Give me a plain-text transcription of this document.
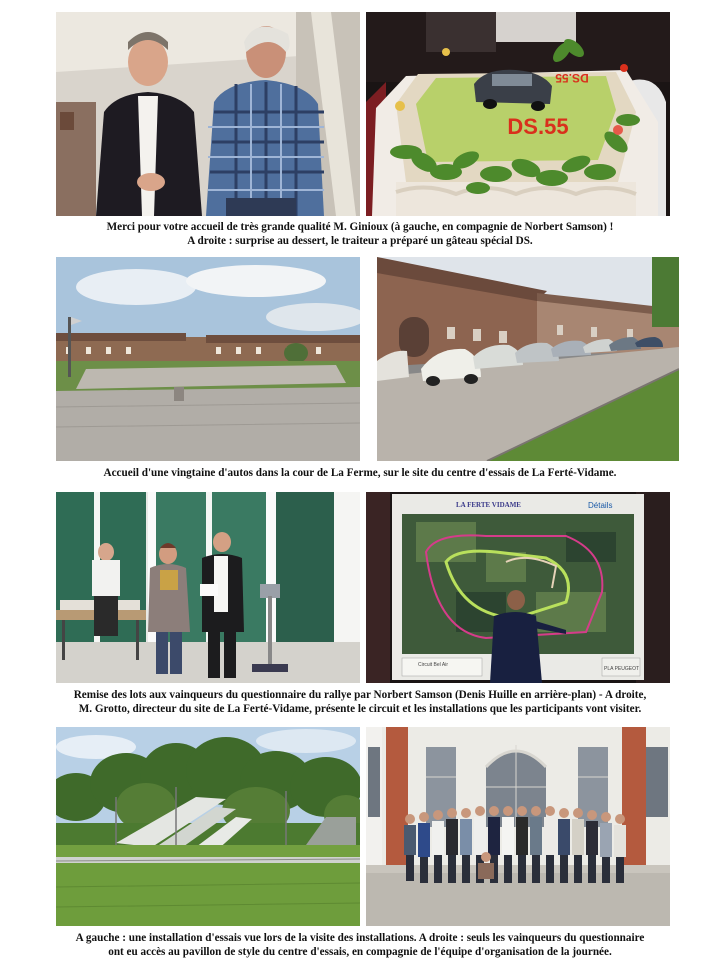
DS.55
DS.55
Merci pour votre accueil de très grande qualité M. Ginioux (à gauche, en compagnie de Norbert Samson) !
A droite : surprise au dessert, le traiteur a préparé un gâteau spécial DS.
Accueil d'une vingtaine d'autos dans la cour de La Ferme, sur le site du centre d'essais de La Ferté-Vidame.
LA FERTE VIDAME	Détails
Circuit Bel Air
PLA PEUGEOT
Remise des lots aux vainqueurs du questionnaire du rallye par Norbert Samson (Denis Huille en arrière-plan) - A droite,
M. Grotto, directeur du site de La Ferté-Vidame, présente le circuit et les installations que les participants vont visiter.
A gauche : une installation d'essais vue lors de la visite des installations. A droite : seuls les vainqueurs du questionnaire
ont eu accès au pavillon de style du centre d'essais, en compagnie de l'équipe d'organisation de la journée.
